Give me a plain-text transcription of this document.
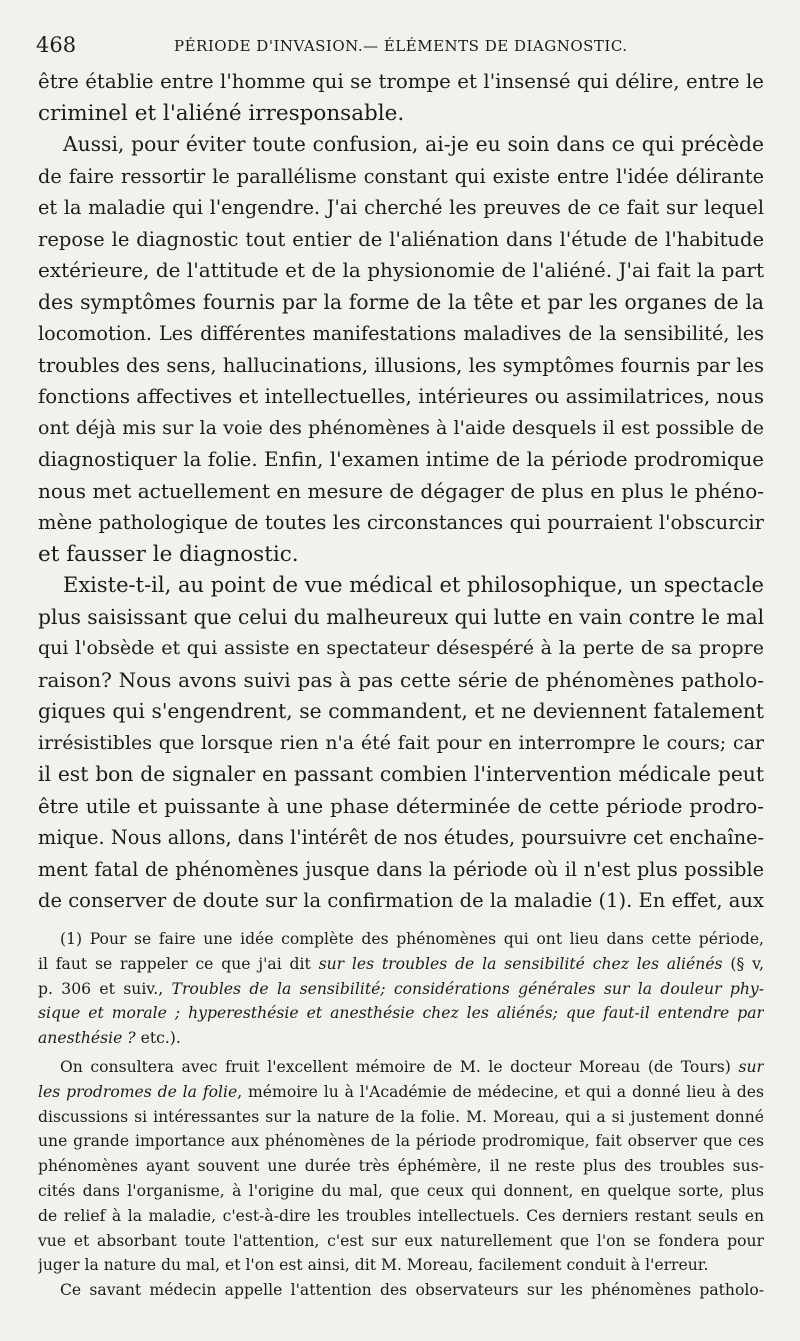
468	PÉRIODE D'INVASION.— ÉLÉMENTS DE DIAGNOSTIC.
être établie entre l'homme qui se trompe et l'insensé qui délire, entre le
criminel et l'aliéné irresponsable.
Aussi, pour éviter toute confusion, ai-je eu soin dans ce qui précède
de faire ressortir le parallélisme constant qui existe entre l'idée délirante
et la maladie qui l'engendre. J'ai cherché les preuves de ce fait sur lequel
repose le diagnostic tout entier de l'aliénation dans l'étude de l'habitude
extérieure, de l'attitude et de la physionomie de l'aliéné. J'ai fait la part
des symptômes fournis par la forme de la tête et par les organes de la
locomotion. Les différentes manifestations maladives de la sensibilité, les
troubles des sens, hallucinations, illusions, les symptômes fournis par les
fonctions affectives et intellectuelles, intérieures ou assimilatrices, nous
ont déjà mis sur la voie des phénomènes à l'aide desquels il est possible de
diagnostiquer la folie. Enfin, l'examen intime de la période prodromique
nous met actuellement en mesure de dégager de plus en plus le phéno-
mène pathologique de toutes les circonstances qui pourraient l'obscurcir
et fausser le diagnostic.
Existe-t-il, au point de vue médical et philosophique, un spectacle
plus saisissant que celui du malheureux qui lutte en vain contre le mal
qui l'obsède et qui assiste en spectateur désespéré à la perte de sa propre
raison? Nous avons suivi pas à pas cette série de phénomènes patholo-
giques qui s'engendrent, se commandent, et ne deviennent fatalement
irrésistibles que lorsque rien n'a été fait pour en interrompre le cours; car
il est bon de signaler en passant combien l'intervention médicale peut
être utile et puissante à une phase déterminée de cette période prodro-
mique. Nous allons, dans l'intérêt de nos études, poursuivre cet enchaîne-
ment fatal de phénomènes jusque dans la période où il n'est plus possible
de conserver de doute sur la confirmation de la maladie (1). En effet, aux
(1) Pour se faire une idée complète des phénomènes qui ont lieu dans cette période,
il faut se rappeler ce que j'ai dit sur les troubles de la sensibilité chez les aliénés (§ v,
p. 306 et suiv., Troubles de la sensibilité; considérations générales sur la douleur phy-
sique et morale ; hyperesthésie et anesthésie chez les aliénés; que faut-il entendre par
anesthésie ? etc.).
On consultera avec fruit l'excellent mémoire de M. le docteur Moreau (de Tours) sur
les prodromes de la folie, mémoire lu à l'Académie de médecine, et qui a donné lieu à des
discussions si intéressantes sur la nature de la folie. M. Moreau, qui a si justement donné
une grande importance aux phénomènes de la période prodromique, fait observer que ces
phénomènes ayant souvent une durée très éphémère, il ne reste plus des troubles sus-
cités dans l'organisme, à l'origine du mal, que ceux qui donnent, en quelque sorte, plus
de relief à la maladie, c'est-à-dire les troubles intellectuels. Ces derniers restant seuls en
vue et absorbant toute l'attention, c'est sur eux naturellement que l'on se fondera pour
juger la nature du mal, et l'on est ainsi, dit M. Moreau, facilement conduit à l'erreur.
Ce savant médecin appelle l'attention des observateurs sur les phénomènes patholo-
